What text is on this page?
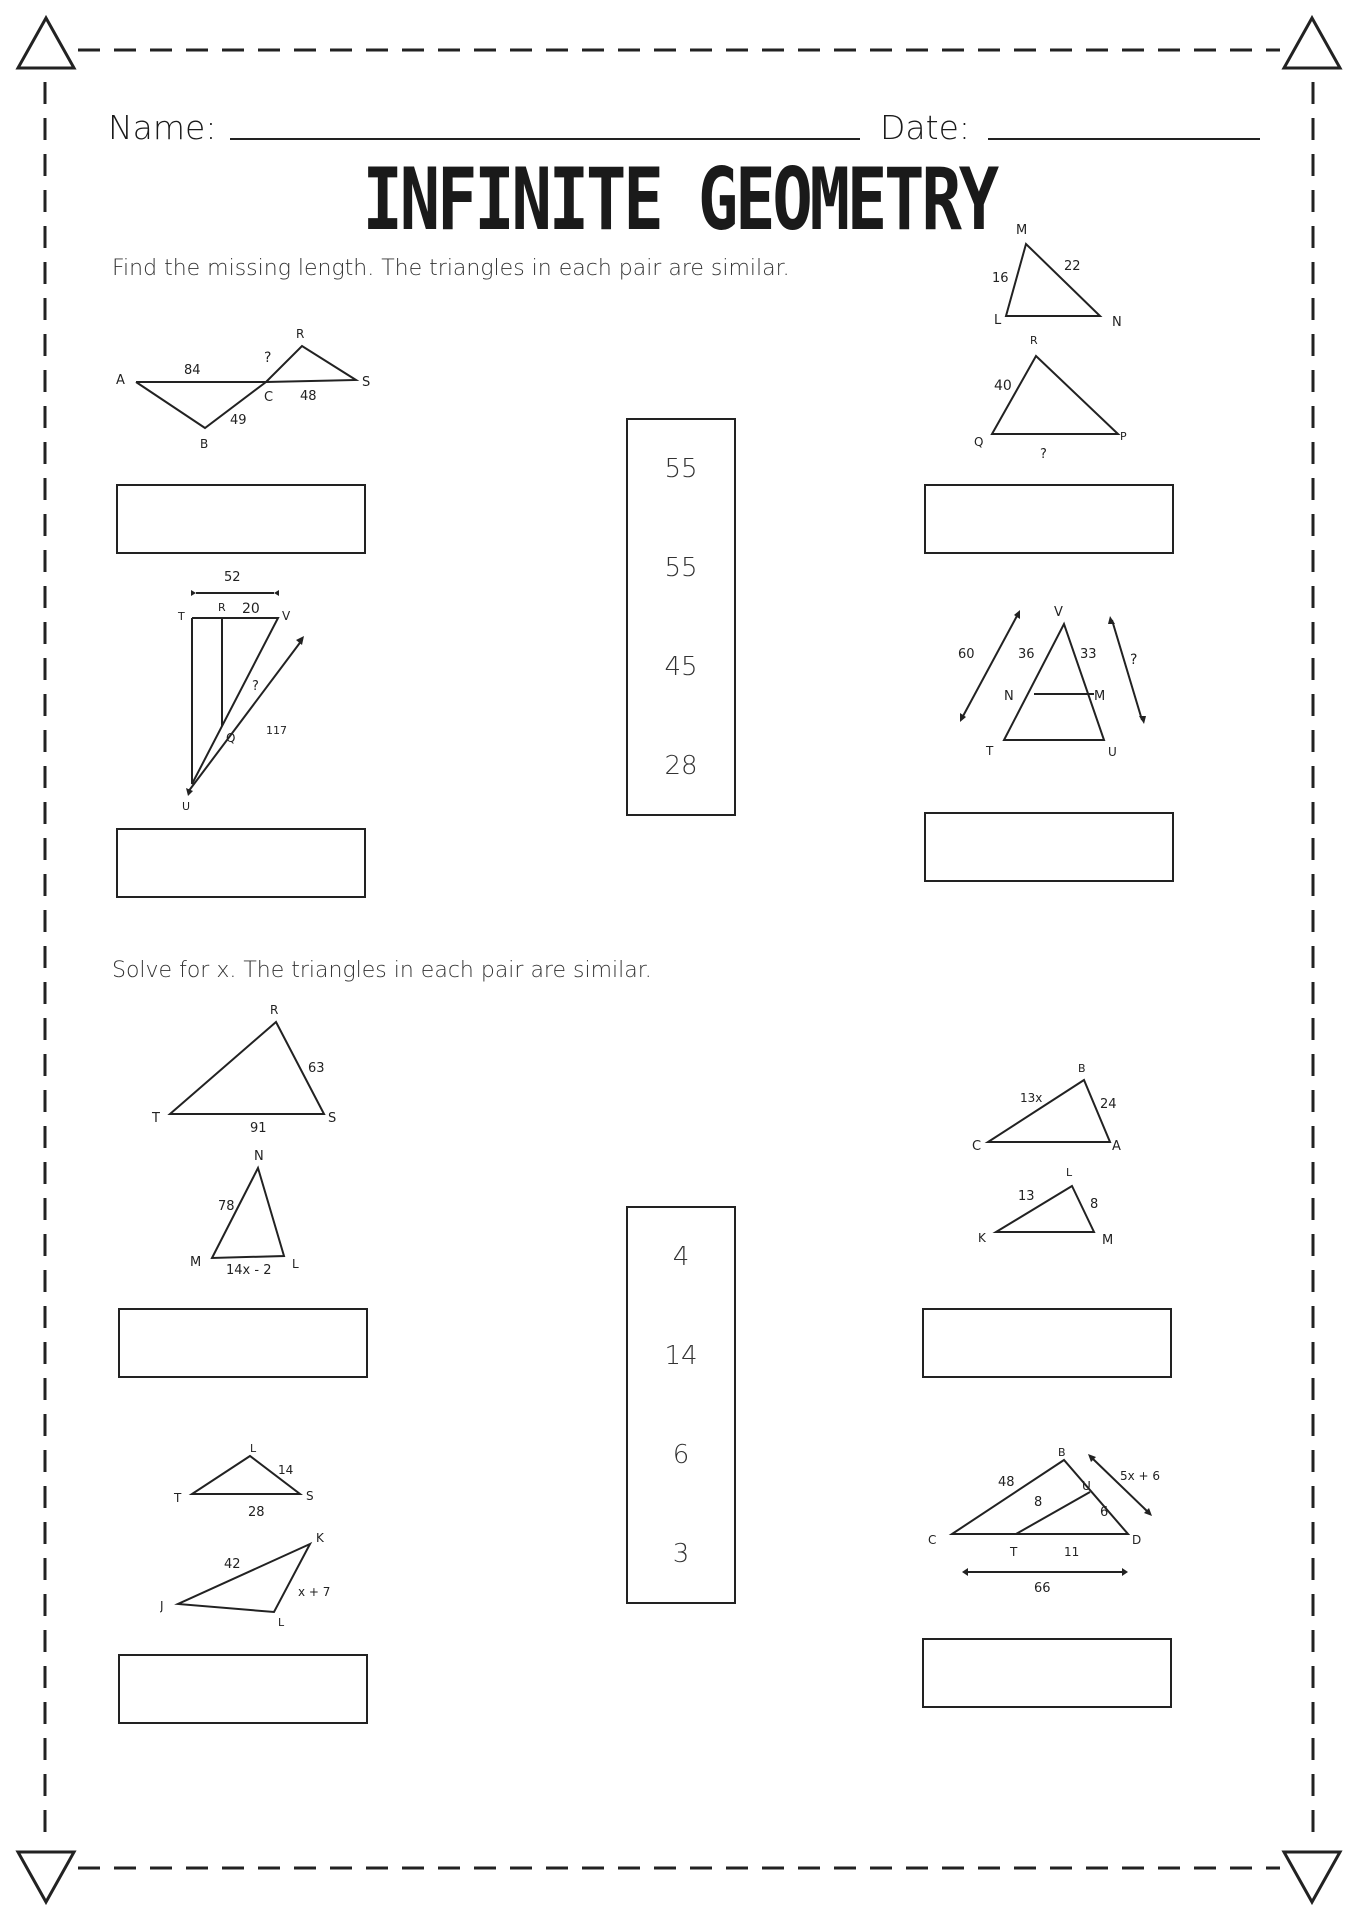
Name:	Date:
INFINITE GEOMETRY
Find the missing length. The triangles in each pair are similar.
A
B
C
R
S
84
49
48
?
M
L	N
16
22
R
Q	P
40
?
55
55
45
28
52
T
R 20 V
?
Q
117
U
V
60	36	33 ?
N	M
T	U
Solve for x. The triangles in each pair are similar.
R
T	S
63
91
N
78
M	L
14x - 2
B
13x	24
C	A
L
13
8
K	M
4
14
6
3
L
14
T	S
28
K
42
x + 7
J
L
B
5x + 6
48	U
8
6
C	D
T	11
66
